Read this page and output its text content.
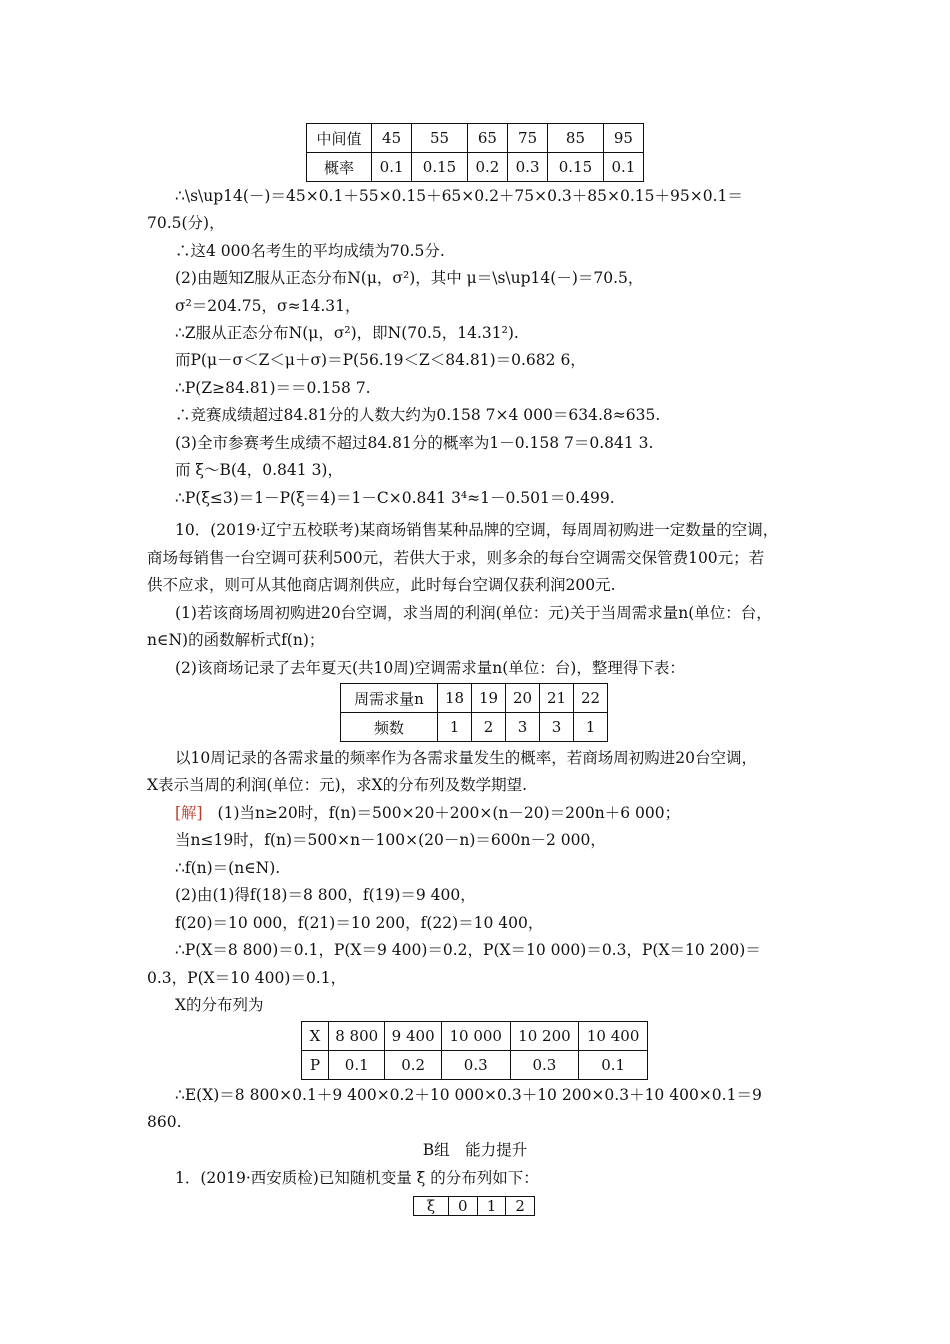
中间值	45	55	65	75	85	95
概率	0.1	0.15	0.2	0.3	0.15	0.1
∴\s\up14(－)＝45×0.1＋55×0.15＋65×0.2＋75×0.3＋85×0.15＋95×0.1＝
70.5(分)，
∴这4 000名考生的平均成绩为70.5分.
(2)由题知Z服从正态分布N(μ，σ²)，其中 μ＝\s\up14(－)＝70.5，
σ²＝204.75，σ≈14.31，
∴Z服从正态分布N(μ，σ²)，即N(70.5，14.31²).
而P(μ－σ＜Z＜μ＋σ)＝P(56.19＜Z＜84.81)＝0.682 6，
∴P(Z≥84.81)＝＝0.158 7.
∴竞赛成绩超过84.81分的人数大约为0.158 7×4 000＝634.8≈635.
(3)全市参赛考生成绩不超过84.81分的概率为1－0.158 7＝0.841 3.
而 ξ～B(4，0.841 3)，
∴P(ξ≤3)＝1－P(ξ＝4)＝1－C×0.841 3⁴≈1－0.501＝0.499.
10．(2019·辽宁五校联考)某商场销售某种品牌的空调，每周周初购进一定数量的空调，
商场每销售一台空调可获利500元，若供大于求，则多余的每台空调需交保管费100元；若
供不应求，则可从其他商店调剂供应，此时每台空调仅获利润200元.
(1)若该商场周初购进20台空调，求当周的利润(单位：元)关于当周需求量n(单位：台，
n∈N)的函数解析式f(n)；
(2)该商场记录了去年夏天(共10周)空调需求量n(单位：台)，整理得下表：
周需求量n	18	19	20	21	22
频数	1	2	3	3	1
以10周记录的各需求量的频率作为各需求量发生的概率，若商场周初购进20台空调，
X表示当周的利润(单位：元)，求X的分布列及数学期望.
[解] (1)当n≥20时，f(n)＝500×20＋200×(n－20)＝200n＋6 000；
当n≤19时，f(n)＝500×n－100×(20－n)＝600n－2 000，
∴f(n)＝(n∈N).
(2)由(1)得f(18)＝8 800，f(19)＝9 400，
f(20)＝10 000，f(21)＝10 200，f(22)＝10 400，
∴P(X＝8 800)＝0.1，P(X＝9 400)＝0.2，P(X＝10 000)＝0.3，P(X＝10 200)＝
0.3，P(X＝10 400)＝0.1，
X的分布列为
X	8 800	9 400	10 000	10 200	10 400
P	0.1	0.2	0.3	0.3	0.1
∴E(X)＝8 800×0.1＋9 400×0.2＋10 000×0.3＋10 200×0.3＋10 400×0.1＝9
860.
B组　能力提升
1．(2019·西安质检)已知随机变量 ξ 的分布列如下：
ξ	0	1	2
